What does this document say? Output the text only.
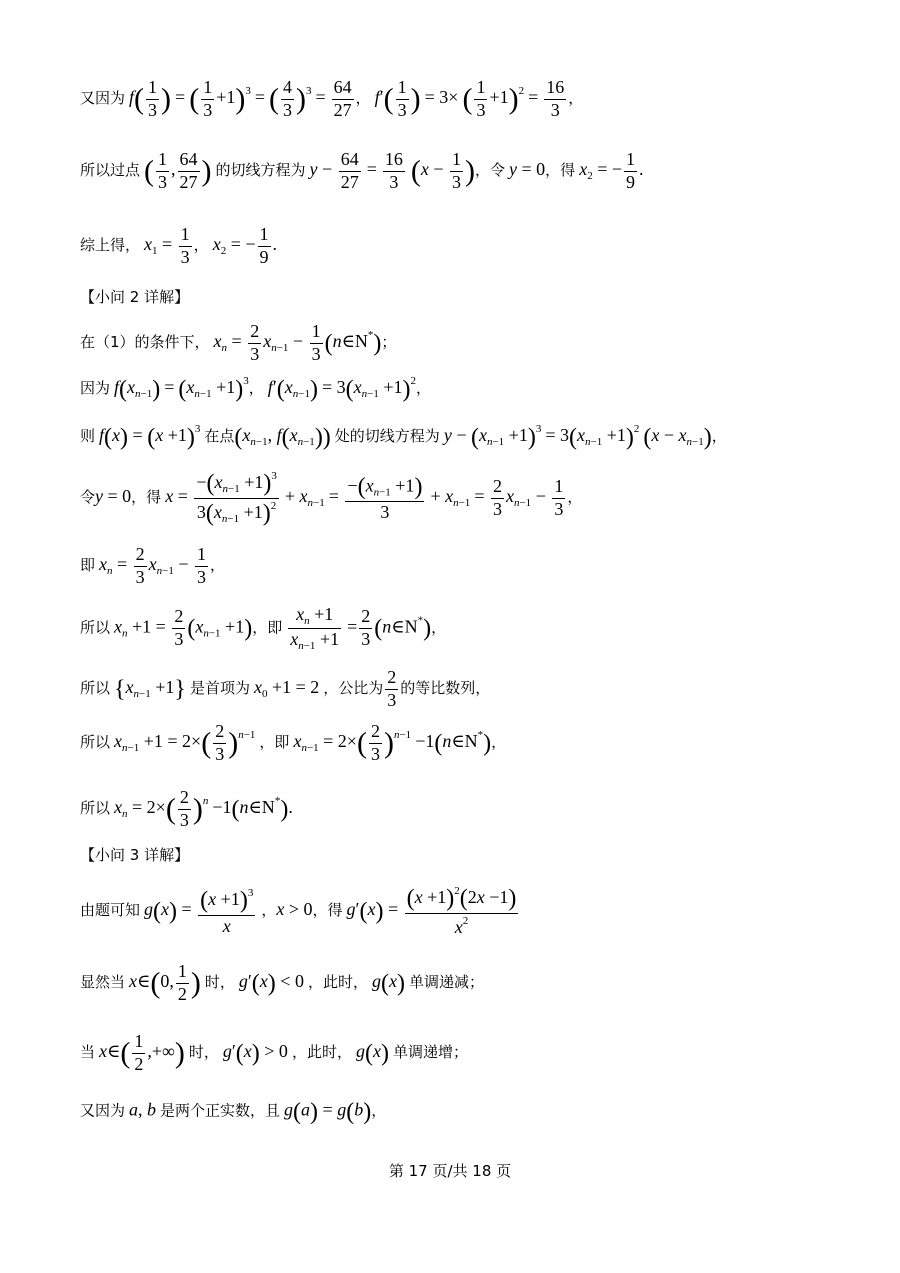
又因为 $f( \frac{1}{3}$ ) = ( $\frac{1}{3} +1)^3$ = ( $\frac{4}{3} )^3 = \frac{64}{27}$ ， $f'( \frac{1}{3}$ ) = 3× ( $\frac{1}{3} +1)^2 = \frac{16}{3}$ ，
所以过点 ( $\frac{1}{3}$ , $\frac{64}{27}$ ) 的切线方程为 $y - \frac{64}{27} = \frac{16}{3} (x - \frac{1}{3}$ )，令 y = 0，得 $x_2$ = − $\frac{1}{9}$ .
综上得， $x_1 = \frac{1}{3}$ ， $x_2$ = − $\frac{1}{9}$ .
【小问 2 详解】
在（1）的条件下， $x_n = \frac{2}{3} x_{n-1} - \frac{1}{3}$ (n∈N*)；
因为 $f(x_{n-1}) = (x_{n-1} +1)^3$， $f'(x_{n-1}) = 3(x_{n-1} +1)^2$，
则 $f(x) = (x +1)^3$ 在点($x_{n-1}$, $f(x_{n-1})$) 处的切线方程为 $y - (x_{n-1} +1)^3 = 3(x_{n-1} +1)^2$ $(x - x_{n-1})$，
令y = 0，得 $x = \frac{-(x_{n-1} +1)^3}{3(x_{n-1} +1)^2} + x_{n-1} = \frac{-(x_{n-1} +1)}{3} + x_{n-1} = \frac{2}{3} x_{n-1} - \frac{1}{3}$ ，
即 $x_n = \frac{2}{3} x_{n-1} - \frac{1}{3}$ ，
所以 $x_n +1 = \frac{2}{3} (x_{n-1} +1)$，即 $\frac{x_n +1}{x_{n-1} +1} = \frac{2}{3}$ (n∈N*)，
所以 $\{x_{n-1} +1\}$ 是首项为 $x_0 +1 = 2$ ，公比为 $\frac{2}{3}$ 的等比数列，
所以 $x_{n-1} +1 = 2\times( \frac{2}{3} )^{n-1}$ ，即 $x_{n-1} = 2\times( \frac{2}{3} )^{n-1}$ −1(n∈N*)，
所以 $x_n = 2\times( \frac{2}{3} )^n$ −1(n∈N*).
【小问 3 详解】
由题可知 $g(x) = \frac{(x +1)^3}{x}$ ，x > 0，得 $g'(x) = \frac{(x +1)^2(2x -1)}{x^2}$
显然当 x∈(0, $\frac{1}{2}$ ) 时， g′(x) < 0 ，此时， g(x) 单调递减；
当 x∈( $\frac{1}{2}$ ,+∞) 时， g′(x) > 0 ，此时， g(x) 单调递增；
又因为 a, b 是两个正实数，且 g(a) = g(b)，
第 17 页/共 18 页
